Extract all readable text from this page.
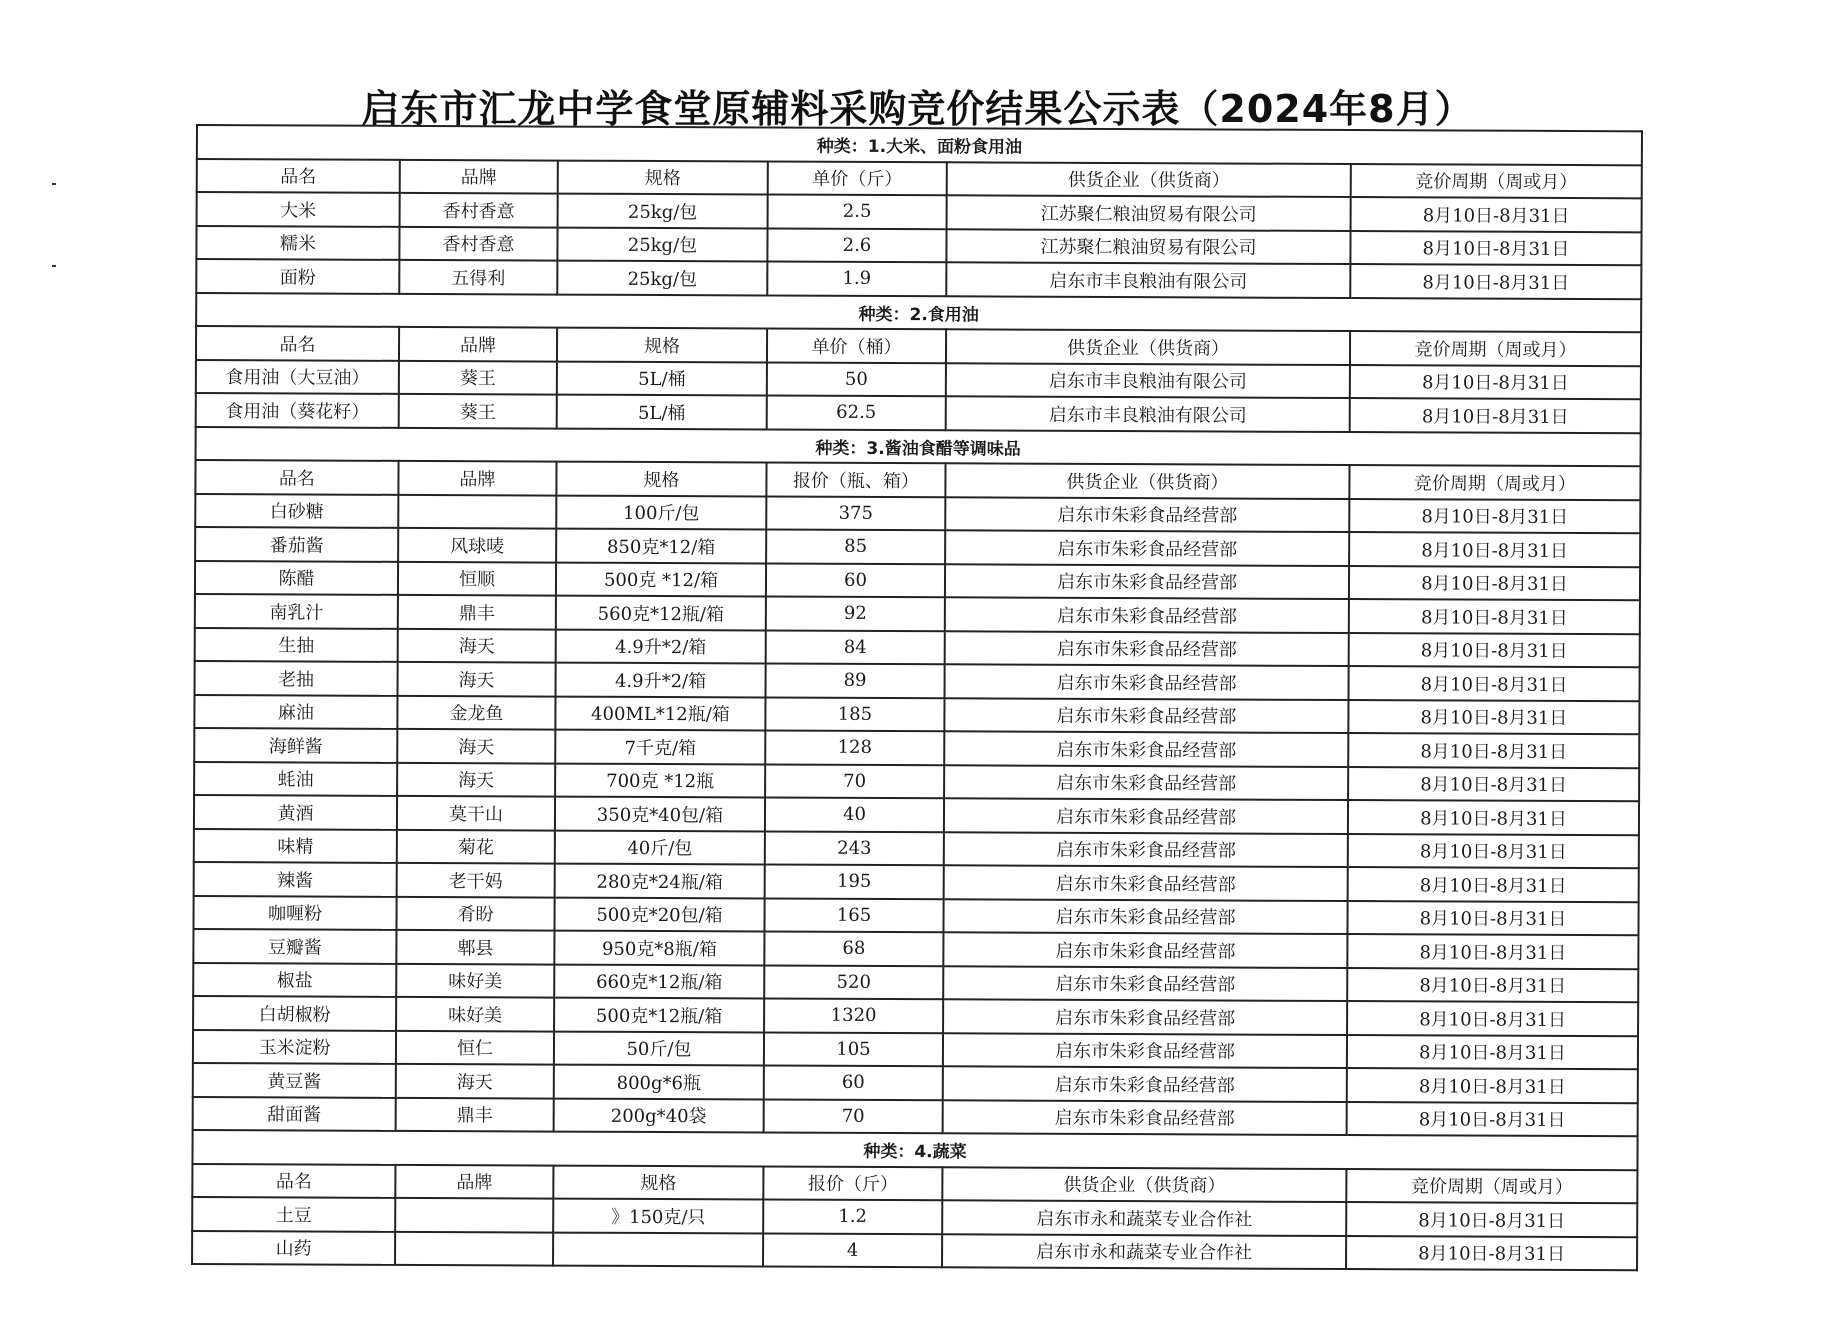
启东市汇龙中学食堂原辅料采购竞价结果公示表（2024年8月）
种类：1.大米、面粉食用油					
品名	品牌	规格	单价（斤）	供货企业（供货商）	竞价周期（周或月）
大米	香村香意	25kg/包	2.5	江苏聚仁粮油贸易有限公司	8月10日-8月31日
糯米	香村香意	25kg/包	2.6	江苏聚仁粮油贸易有限公司	8月10日-8月31日
面粉	五得利	25kg/包	1.9	启东市丰良粮油有限公司	8月10日-8月31日
种类：2.食用油					
品名	品牌	规格	单价（桶）	供货企业（供货商）	竞价周期（周或月）
食用油（大豆油）	葵王	5L/桶	50	启东市丰良粮油有限公司	8月10日-8月31日
食用油（葵花籽）	葵王	5L/桶	62.5	启东市丰良粮油有限公司	8月10日-8月31日
种类：3.酱油食醋等调味品					
品名	品牌	规格	报价（瓶、箱）	供货企业（供货商）	竞价周期（周或月）
白砂糖		100斤/包	375	启东市朱彩食品经营部	8月10日-8月31日
番茄酱	风球唛	850克*12/箱	85	启东市朱彩食品经营部	8月10日-8月31日
陈醋	恒顺	500克 *12/箱	60	启东市朱彩食品经营部	8月10日-8月31日
南乳汁	鼎丰	560克*12瓶/箱	92	启东市朱彩食品经营部	8月10日-8月31日
生抽	海天	4.9升*2/箱	84	启东市朱彩食品经营部	8月10日-8月31日
老抽	海天	4.9升*2/箱	89	启东市朱彩食品经营部	8月10日-8月31日
麻油	金龙鱼	400ML*12瓶/箱	185	启东市朱彩食品经营部	8月10日-8月31日
海鲜酱	海天	7千克/箱	128	启东市朱彩食品经营部	8月10日-8月31日
蚝油	海天	700克 *12瓶	70	启东市朱彩食品经营部	8月10日-8月31日
黄酒	莫干山	350克*40包/箱	40	启东市朱彩食品经营部	8月10日-8月31日
味精	菊花	40斤/包	243	启东市朱彩食品经营部	8月10日-8月31日
辣酱	老干妈	280克*24瓶/箱	195	启东市朱彩食品经营部	8月10日-8月31日
咖喱粉	肴盼	500克*20包/箱	165	启东市朱彩食品经营部	8月10日-8月31日
豆瓣酱	郫县	950克*8瓶/箱	68	启东市朱彩食品经营部	8月10日-8月31日
椒盐	味好美	660克*12瓶/箱	520	启东市朱彩食品经营部	8月10日-8月31日
白胡椒粉	味好美	500克*12瓶/箱	1320	启东市朱彩食品经营部	8月10日-8月31日
玉米淀粉	恒仁	50斤/包	105	启东市朱彩食品经营部	8月10日-8月31日
黄豆酱	海天	800g*6瓶	60	启东市朱彩食品经营部	8月10日-8月31日
甜面酱	鼎丰	200g*40袋	70	启东市朱彩食品经营部	8月10日-8月31日
种类：4.蔬菜					
品名	品牌	规格	报价（斤）	供货企业（供货商）	竞价周期（周或月）
土豆		》150克/只	1.2	启东市永和蔬菜专业合作社	8月10日-8月31日
山药			4	启东市永和蔬菜专业合作社	8月10日-8月31日
